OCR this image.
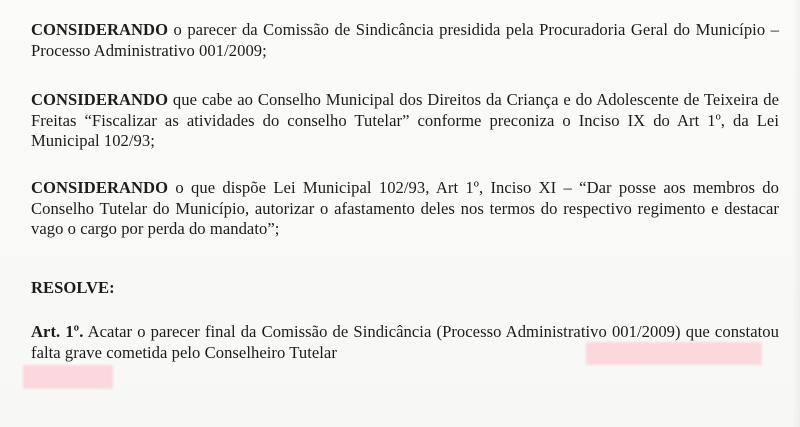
CONSIDERANDO o parecer da Comissão de Sindicância presidida pela Procuradoria Geral do Município – Processo Administrativo 001/2009;
CONSIDERANDO que cabe ao Conselho Municipal dos Direitos da Criança e do Adolescente de Teixeira de Freitas “Fiscalizar as atividades do conselho Tutelar” conforme preconiza o Inciso IX do Art 1º, da Lei Municipal 102/93;
CONSIDERANDO o que dispõe Lei Municipal 102/93, Art 1º, Inciso XI – “Dar posse aos membros do Conselho Tutelar do Município, autorizar o afastamento deles nos termos do respectivo regimento e destacar vago o cargo por perda do mandato”;
RESOLVE:
Art. 1º. Acatar o parecer final da Comissão de Sindicância (Processo Administrativo 001/2009) que constatou falta grave cometida pelo Conselheiro Tutelar
